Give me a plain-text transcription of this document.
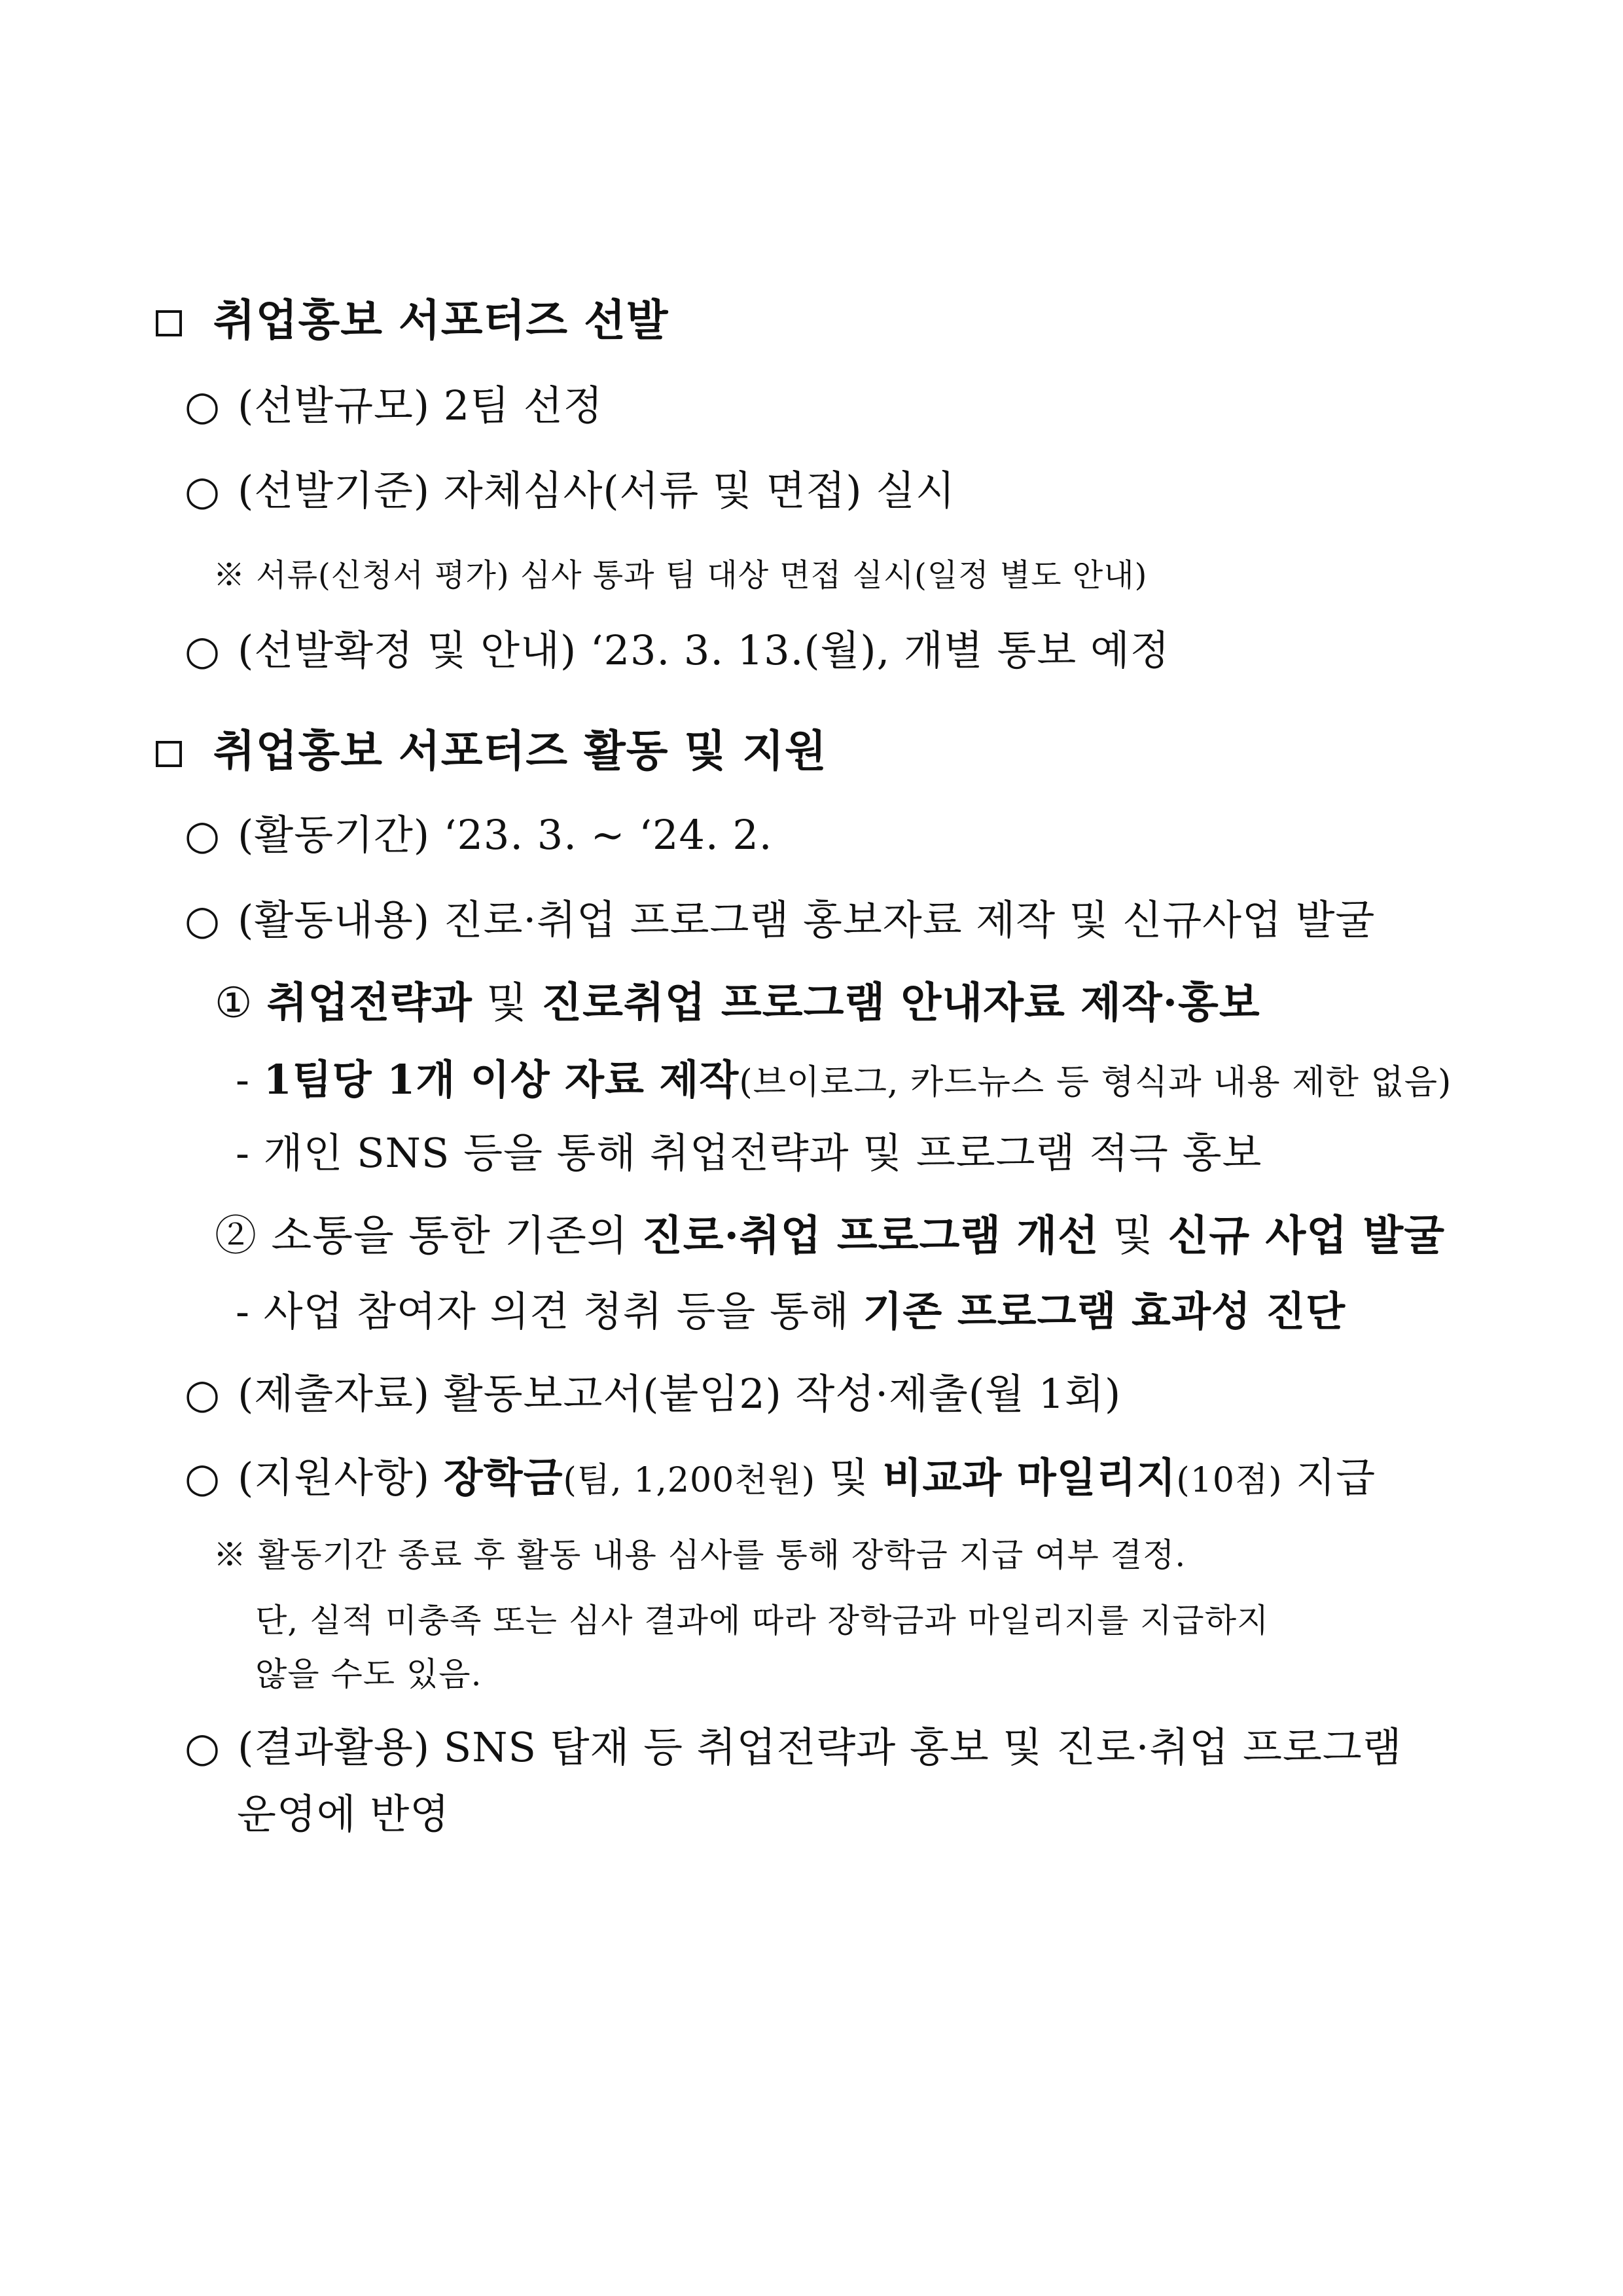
취업홍보 서포터즈 선발
○ (선발규모) 2팀 선정
○ (선발기준) 자체심사(서류 및 면접) 실시
※ 서류(신청서 평가) 심사 통과 팀 대상 면접 실시(일정 별도 안내)
○ (선발확정 및 안내) ‘23. 3. 13.(월), 개별 통보 예정
취업홍보 서포터즈 활동 및 지원
○ (활동기간) ‘23. 3. ~ ‘24. 2.
○ (활동내용) 진로·취업 프로그램 홍보자료 제작 및 신규사업 발굴
① 취업전략과 및 진로취업 프로그램 안내자료 제작·홍보
- 1팀당 1개 이상 자료 제작(브이로그, 카드뉴스 등 형식과 내용 제한 없음)
- 개인 SNS 등을 통해 취업전략과 및 프로그램 적극 홍보
② 소통을 통한 기존의 진로·취업 프로그램 개선 및 신규 사업 발굴
- 사업 참여자 의견 청취 등을 통해 기존 프로그램 효과성 진단
○ (제출자료) 활동보고서(붙임2) 작성·제출(월 1회)
○ (지원사항) 장학금(팀, 1,200천원) 및 비교과 마일리지(10점) 지급
※ 활동기간 종료 후 활동 내용 심사를 통해 장학금 지급 여부 결정.
단, 실적 미충족 또는 심사 결과에 따라 장학금과 마일리지를 지급하지
않을 수도 있음.
○ (결과활용) SNS 탑재 등 취업전략과 홍보 및 진로·취업 프로그램
운영에 반영
